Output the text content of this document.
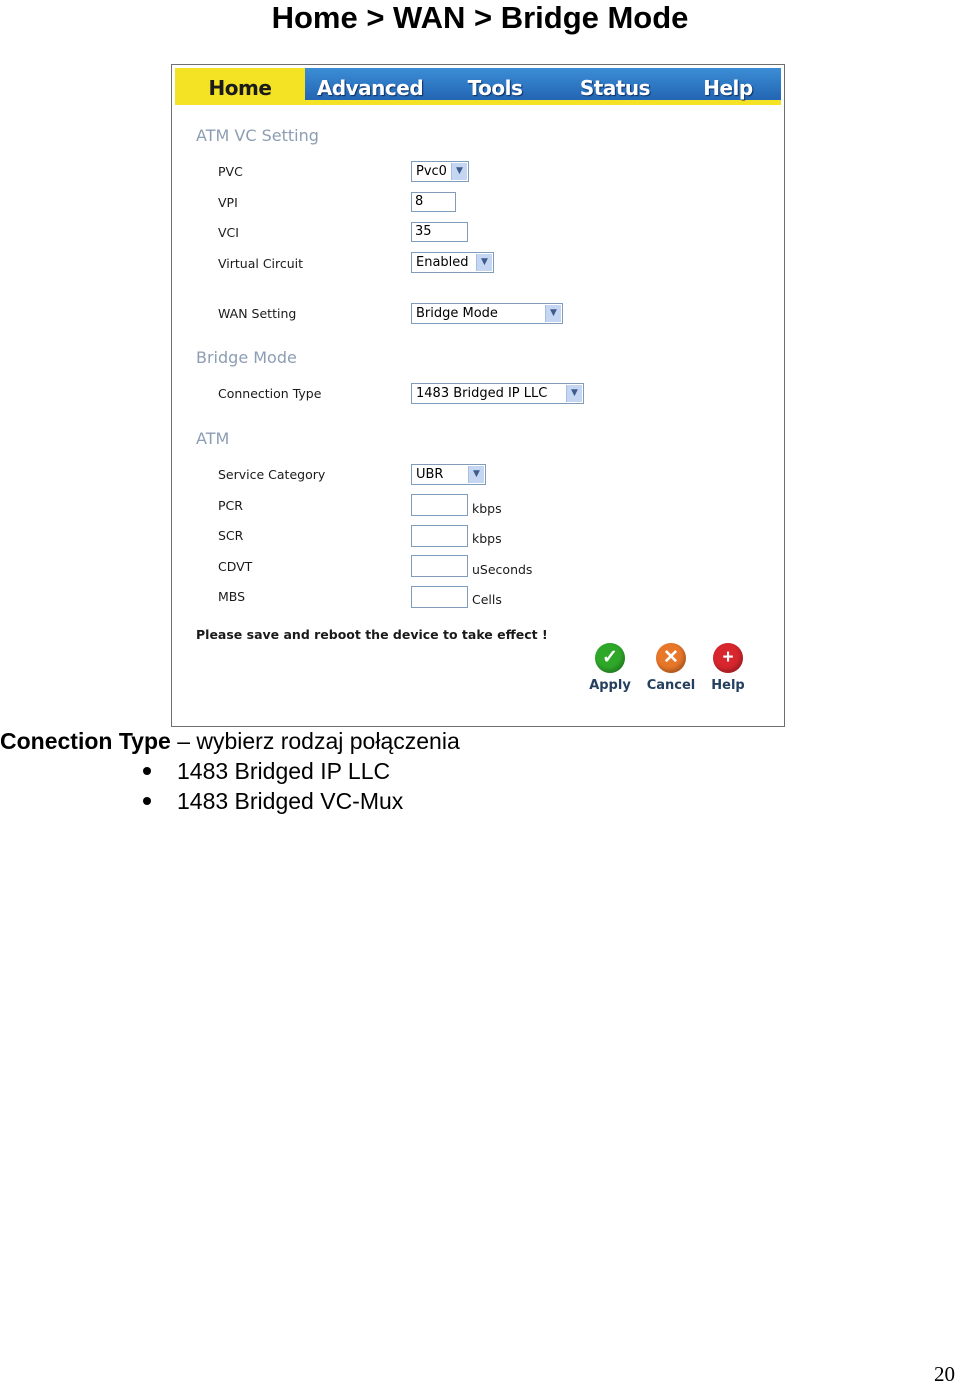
Home > WAN > Bridge Mode
Home	Advanced	Tools	Status	Help
ATM VC Setting
PVC	Pvc0	▼
VPI	8
VCI	35
Virtual Circuit	Enabled	▼
WAN Setting	Bridge Mode	▼
Bridge Mode
Connection Type	1483 Bridged IP LLC	▼
ATM
Service Category	UBR	▼
PCR	kbps
SCR	kbps
CDVT	uSeconds
MBS	Cells
Please save and reboot the device to take effect !
✓
Apply
✕
Cancel
+
Help
Conection Type – wybierz rodzaj połączenia
1483 Bridged IP LLC
1483 Bridged VC-Mux
20
